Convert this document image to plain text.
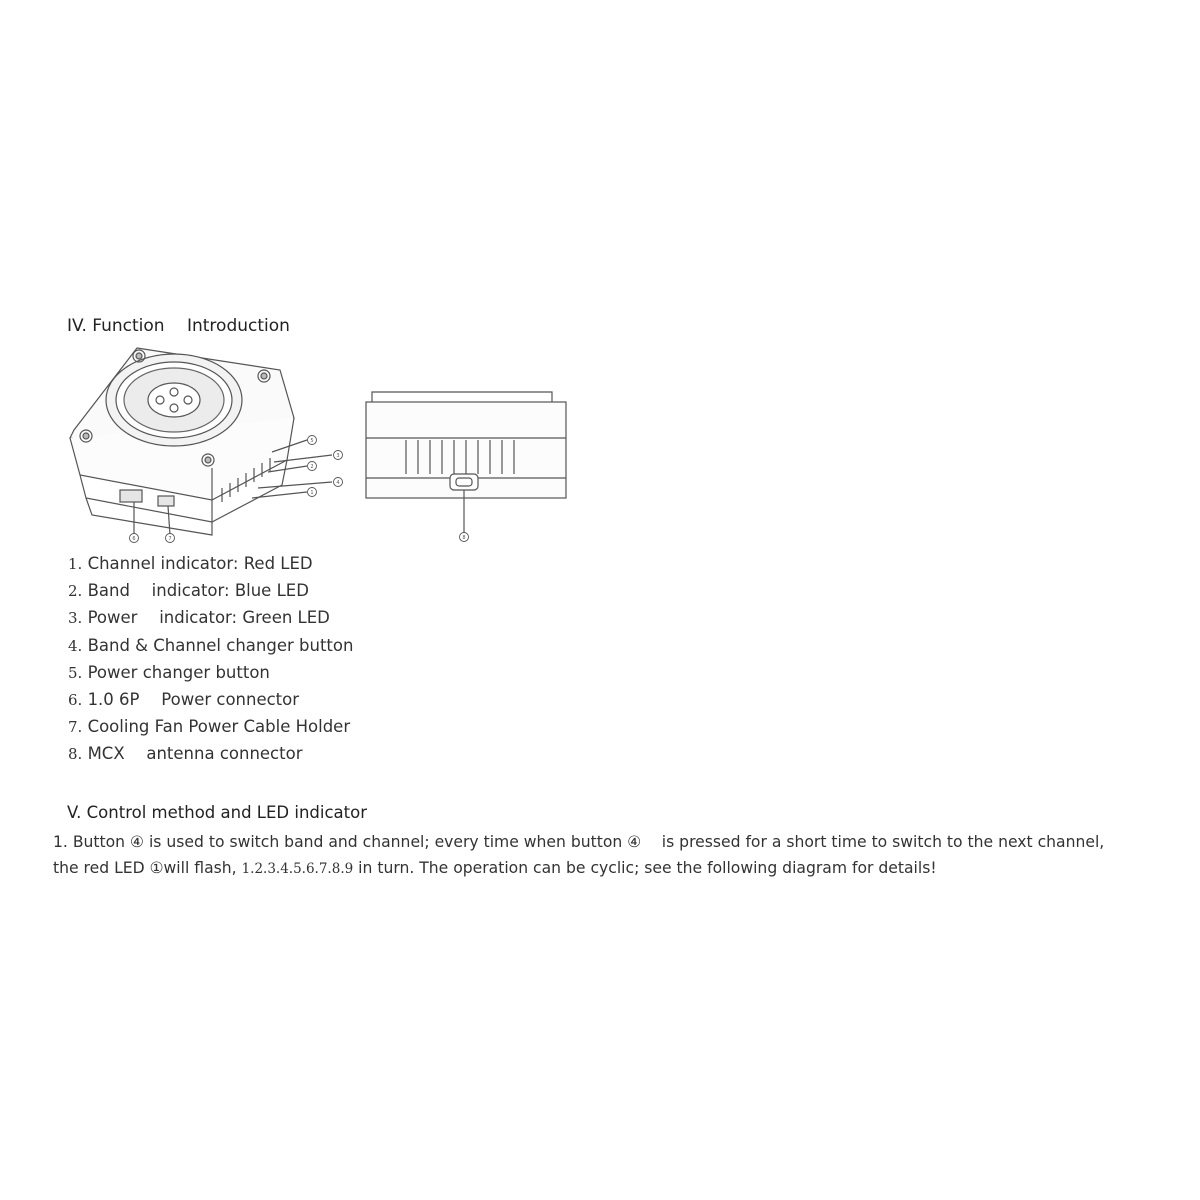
IV. Function  Introduction
5
3
2
4
1
6	7	8
1. Channel indicator: Red LED
2. Band  indicator: Blue LED
3. Power  indicator: Green LED
4. Band & Channel changer button
5. Power changer button
6. 1.0 6P  Power connector
7. Cooling Fan Power Cable Holder
8. MCX  antenna connector
V. Control method and LED indicator
1. Button ④ is used to switch band and channel; every time when button ④  is pressed for a short time to switch to the next channel,
the red LED ①will flash, 1.2.3.4.5.6.7.8.9 in turn. The operation can be cyclic; see the following diagram for details!
